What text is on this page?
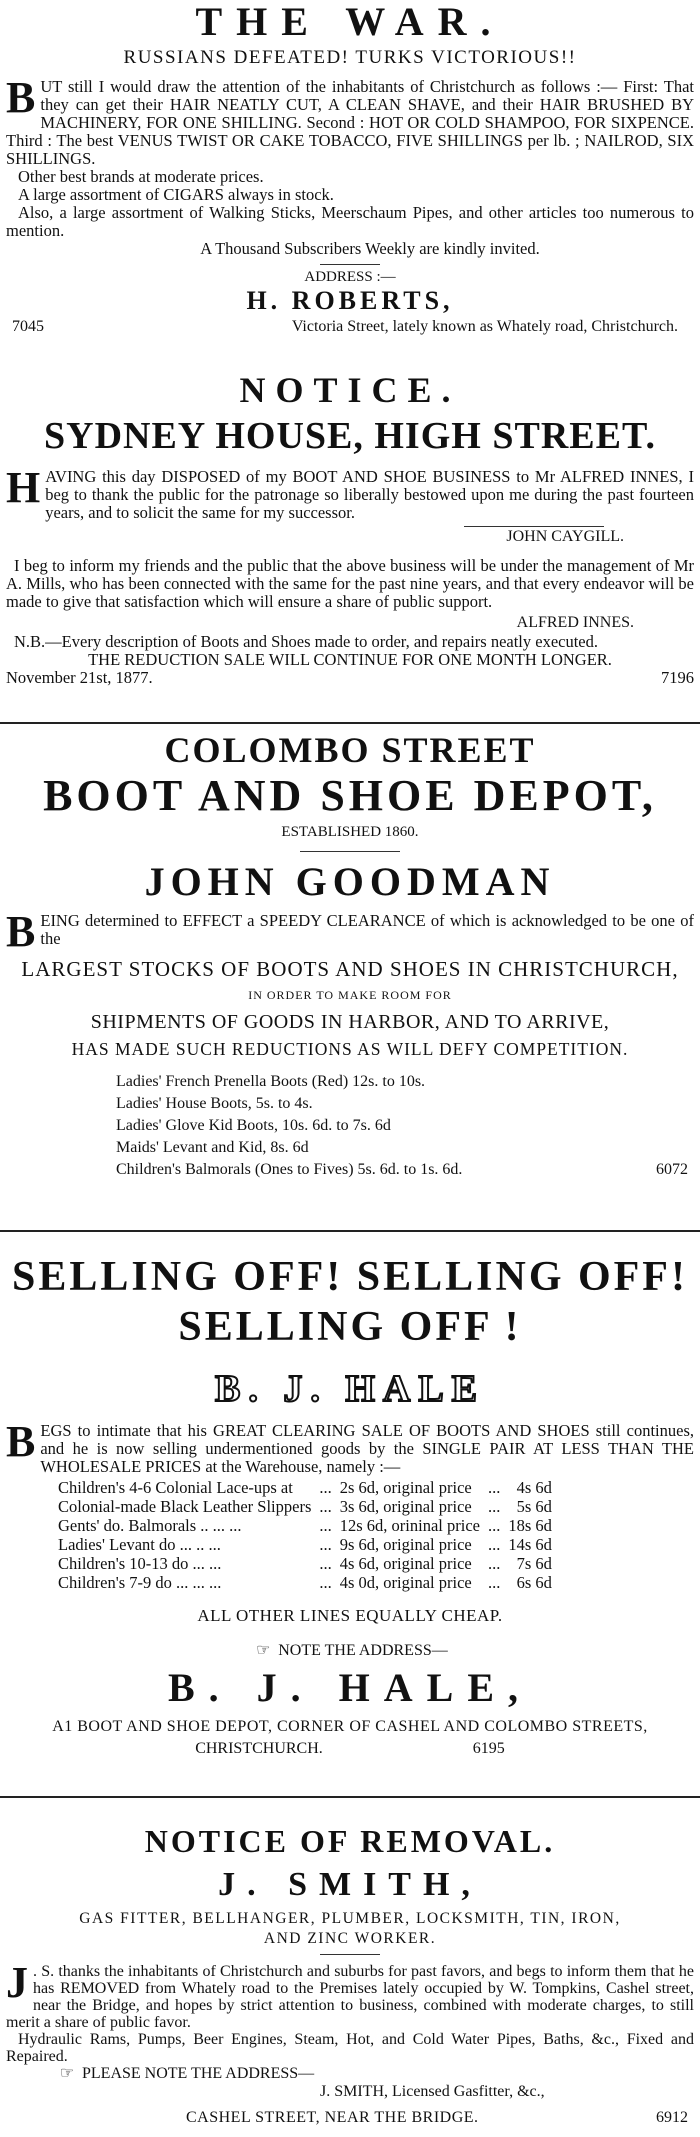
THE WAR.
RUSSIANS DEFEATED! TURKS VICTORIOUS!!
B UT still I would draw the attention of the inhabitants of Christchurch as follows :— First: That they can get their HAIR NEATLY CUT, A CLEAN SHAVE, and their HAIR BRUSHED BY MACHINERY, FOR ONE SHILLING. Second : HOT OR COLD SHAMPOO, FOR SIXPENCE. Third : The best VENUS TWIST OR CAKE TOBACCO, FIVE SHILLINGS per lb. ; NAILROD, SIX SHILLINGS.

Other best brands at moderate prices.

A large assortment of CIGARS always in stock.

Also, a large assortment of Walking Sticks, Meerschaum Pipes, and other articles too numerous to mention.

A Thousand Subscribers Weekly are kindly invited.

ADDRESS :—
H. ROBERTS,
7045	Victoria Street, lately known as Whately road, Christchurch.
NOTICE.
SYDNEY HOUSE, HIGH STREET.
H AVING this day DISPOSED of my BOOT AND SHOE BUSINESS to Mr ALFRED INNES, I beg to thank the public for the patronage so liberally bestowed upon me during the past fourteen years, and to solicit the same for my successor.

JOHN CAYGILL.

I beg to inform my friends and the public that the above business will be under the management of Mr A. Mills, who has been connected with the same for the past nine years, and that every endeavor will be made to give that satisfaction which will ensure a share of public support.

ALFRED INNES.

N.B.—Every description of Boots and Shoes made to order, and repairs neatly executed.

THE REDUCTION SALE WILL CONTINUE FOR ONE MONTH LONGER.

November 21st, 1877.	7196
COLOMBO STREET
BOOT AND SHOE DEPOT,
ESTABLISHED 1860.
JOHN GOODMAN
B EING determined to EFFECT a SPEEDY CLEARANCE of which is acknowledged to be one of the

LARGEST STOCKS OF BOOTS AND SHOES IN CHRISTCHURCH,
IN ORDER TO MAKE ROOM FOR
SHIPMENTS OF GOODS IN HARBOR, AND TO ARRIVE,
HAS MADE SUCH REDUCTIONS AS WILL DEFY COMPETITION.

Ladies' French Prenella Boots (Red) 12s. to 10s.

Ladies' House Boots, 5s. to 4s.

Ladies' Glove Kid Boots, 10s. 6d. to 7s. 6d

Maids' Levant and Kid, 8s. 6d

Children's Balmorals (Ones to Fives) 5s. 6d. to 1s. 6d.	6072
SELLING OFF! SELLING OFF!
SELLING OFF !
B. J. HALE
B EGS to intimate that his GREAT CLEARING SALE OF BOOTS AND SHOES still continues, and he is now selling undermentioned goods by the SINGLE PAIR AT LESS THAN THE WHOLESALE PRICES at the Warehouse, namely :—

Children's 4-6 Colonial Lace-ups at	...	2s 6d, original price	...	4s 6d
Colonial-made Black Leather Slippers	...	3s 6d, original price	...	5s 6d
Gents' do. Balmorals .. ... ...	...	12s 6d, orininal price	...	18s 6d
Ladies' Levant do ... .. ...	...	9s 6d, original price	...	14s 6d
Children's 10-13 do ... ...	...	4s 6d, original price	...	7s 6d
Children's 7-9 do ... ... ...	...	4s 0d, original price	...	6s 6d
ALL OTHER LINES EQUALLY CHEAP.
☞ NOTE THE ADDRESS—
B. J. HALE,
A1 BOOT AND SHOE DEPOT, CORNER OF CASHEL AND COLOMBO STREETS,
CHRISTCHURCH.	6195
NOTICE OF REMOVAL.
J. SMITH,
GAS FITTER, BELLHANGER, PLUMBER, LOCKSMITH, TIN, IRON,
AND ZINC WORKER.
J . S. thanks the inhabitants of Christchurch and suburbs for past favors, and begs to inform them that he has REMOVED from Whately road to the Premises lately occupied by W. Tompkins, Cashel street, near the Bridge, and hopes by strict attention to business, combined with moderate charges, to still merit a share of public favor.

Hydraulic Rams, Pumps, Beer Engines, Steam, Hot, and Cold Water Pipes, Baths, &c., Fixed and Repaired.

☞ PLEASE NOTE THE ADDRESS—
J. SMITH, Licensed Gasfitter, &c.,
CASHEL STREET, NEAR THE BRIDGE.	6912
